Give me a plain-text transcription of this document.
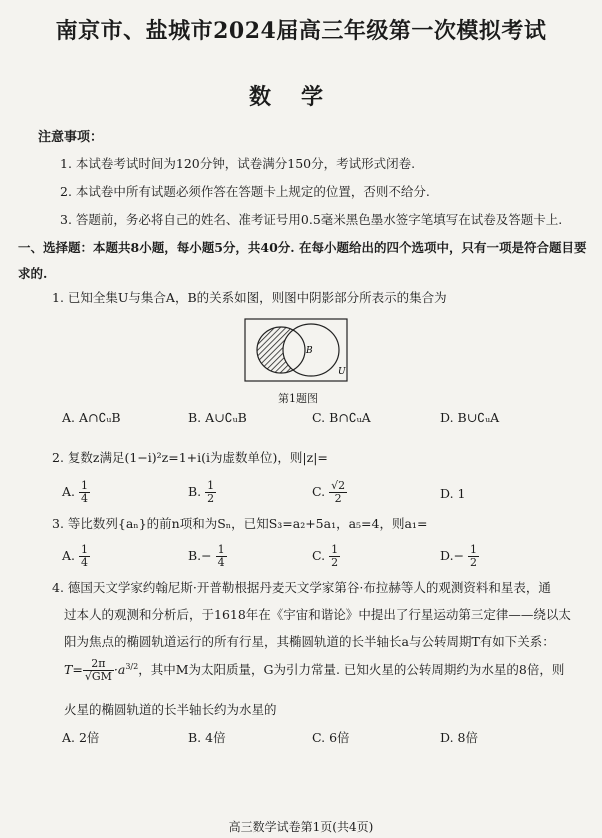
南京市、盐城市2024届高三年级第一次模拟考试
数学
注意事项：
1. 本试卷考试时间为120分钟，试卷满分150分，考试形式闭卷.
2. 本试卷中所有试题必须作答在答题卡上规定的位置，否则不给分.
3. 答题前，务必将自己的姓名、准考证号用0.5毫米黑色墨水签字笔填写在试卷及答题卡上.
一、选择题：本题共8小题，每小题5分，共40分. 在每小题给出的四个选项中，只有一项是符合题目要求的.
1. 已知全集U与集合A，B的关系如图，则图中阴影部分所表示的集合为
B
U
第1题图
A. A∩∁ᵤB	B. A∪∁ᵤB	C. B∩∁ᵤA	D. B∪∁ᵤA
2. 复数z满足(1−i)²z=1+i(i为虚数单位)，则|z|=
A. $\frac{1}{4}$	B. $\frac{1}{2}$	C. $\frac{√2}{2}$	D. 1
3. 等比数列{aₙ}的前n项和为Sₙ，已知S₃=a₂+5a₁，a₅=4，则a₁=
A. $\frac{1}{4}$	$B.- \frac{1}{4}$	C. $\frac{1}{2}$	$D.- \frac{1}{2}$
4. 德国天文学家约翰尼斯·开普勒根据丹麦天文学家第谷·布拉赫等人的观测资料和星表，通
过本人的观测和分析后，于1618年在《宇宙和谐论》中提出了行星运动第三定律——绕以太
阳为焦点的椭圆轨道运行的所有行星，其椭圆轨道的长半轴长a与公转周期T有如下关系：
$T= \frac{2\pi}{√GM} \cdot a^{3/2}$，其中M为太阳质量，G为引力常量. 已知火星的公转周期约为水星的8倍，则
火星的椭圆轨道的长半轴长约为水星的
A. 2倍	B. 4倍	C. 6倍	D. 8倍
高三数学试卷第1页(共4页)
